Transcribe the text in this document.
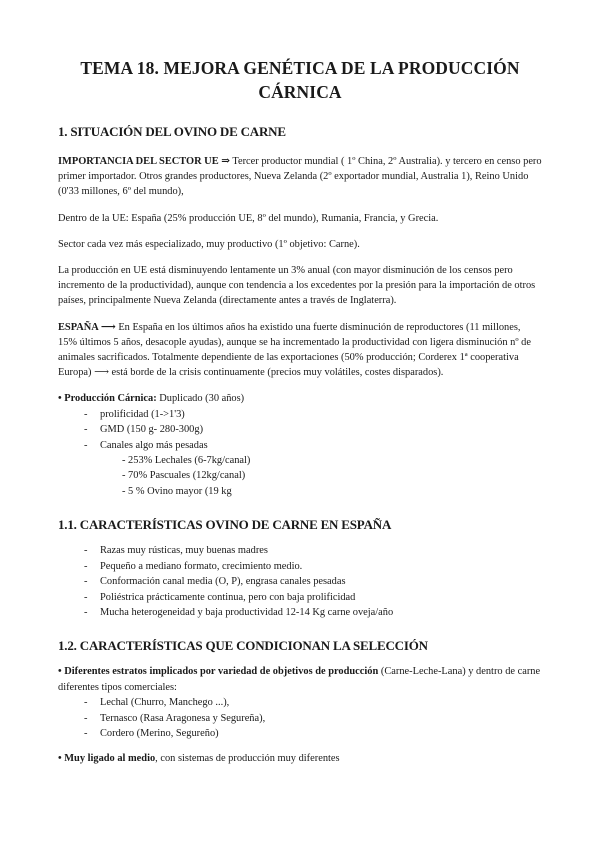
TEMA 18. MEJORA GENÉTICA DE LA PRODUCCIÓN CÁRNICA
1. SITUACIÓN DEL OVINO DE CARNE

IMPORTANCIA DEL SECTOR UE ⇒ Tercer productor mundial ( 1º China, 2º Australia). y tercero en censo pero primer importador. Otros grandes productores, Nueva Zelanda (2º exportador mundial, Australia 1), Reino Unido (0'33 millones, 6º del mundo),

Dentro de la UE: España (25% producción UE, 8º del mundo), Rumania, Francia, y Grecia.

Sector cada vez más especializado, muy productivo (1º objetivo: Carne).

La producción en UE está disminuyendo lentamente un 3% anual (con mayor disminución de los censos pero incremento de la productividad), aunque con tendencia a los excedentes por la presión para la importación de otros países, principalmente Nueva Zelanda (directamente antes a través de Inglaterra).

ESPAÑA ⟶ En España en los últimos años ha existido una fuerte disminución de reproductores (11 millones, 15% últimos 5 años, desacople ayudas), aunque se ha incrementado la productividad con ligera disminución nº de animales sacrificados. Totalmente dependiente de las exportaciones (50% producción; Corderex 1ª cooperativa Europa) ⟶ está borde de la crisis continuamente (precios muy volátiles, costes disparados).

• Producción Cárnica: Duplicado (30 años)
- prolificidad (1->1'3)
- GMD (150 g- 280-300g)
- Canales algo más pesadas
- 253% Lechales (6-7kg/canal)
- 70% Pascuales (12kg/canal)
- 5 % Ovino mayor (19 kg
1.1. CARACTERÍSTICAS OVINO DE CARNE EN ESPAÑA
- Razas muy rústicas, muy buenas madres
- Pequeño a mediano formato, crecimiento medio.
- Conformación canal media (O, P), engrasa canales pesadas
- Poliéstrica prácticamente continua, pero con baja prolificidad
- Mucha heterogeneidad y baja productividad 12-14 Kg carne oveja/año
1.2. CARACTERÍSTICAS QUE CONDICIONAN LA SELECCIÓN
• Diferentes estratos implicados por variedad de objetivos de producción (Carne-Leche-Lana) y dentro de carne diferentes tipos comerciales:
- Lechal (Churro, Manchego ...),
- Ternasco (Rasa Aragonesa y Segureña),
- Cordero (Merino, Segureño)
• Muy ligado al medio, con sistemas de producción muy diferentes
